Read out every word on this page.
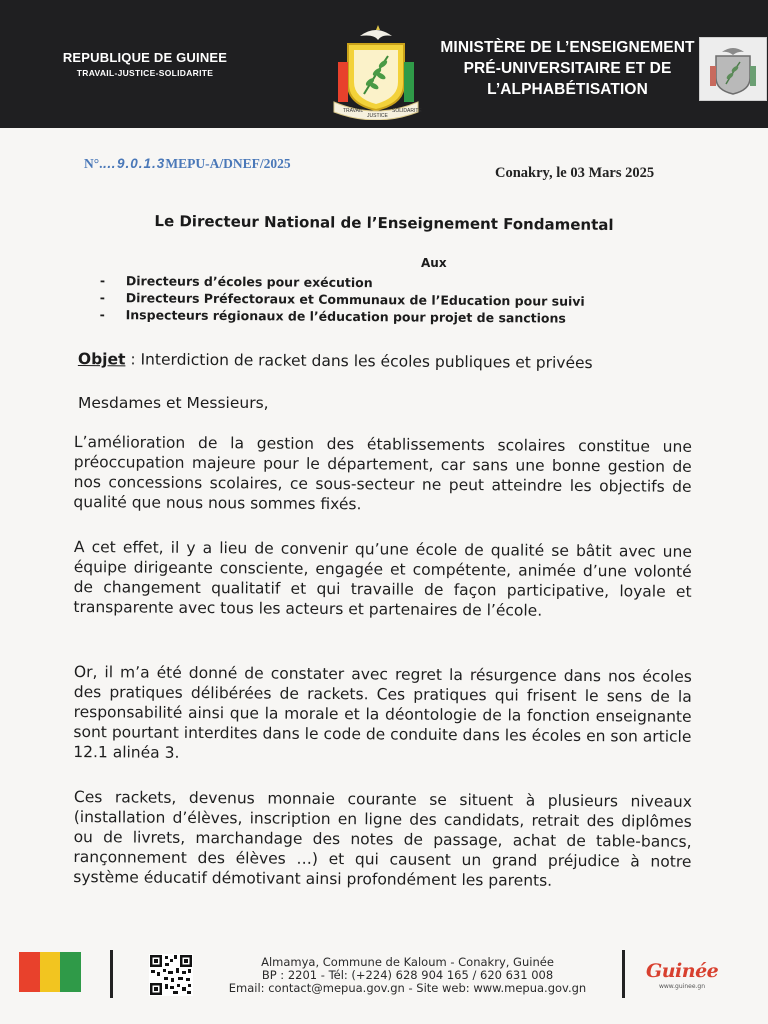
REPUBLIQUE DE GUINEE
TRAVAIL-JUSTICE-SOLIDARITE
TRAVAIL
JUSTICE
SOLIDARITE
MINISTÈRE DE L’ENSEIGNEMENT
PRÉ-UNIVERSITAIRE ET DE
L’ALPHABÉTISATION
N°.…9.0.1.3MEPU-A/DNEF/2025
Conakry, le 03 Mars 2025
Le Directeur National de l’Enseignement Fondamental
Aux
- Directeurs d’écoles pour exécution
- Directeurs Préfectoraux et Communaux de l’Education pour suivi
- Inspecteurs régionaux de l’éducation pour projet de sanctions
Objet : Interdiction de racket dans les écoles publiques et privées
Mesdames et Messieurs,

L’amélioration de la gestion des établissements scolaires constitue une préoccupation majeure pour le département, car sans une bonne gestion de nos concessions scolaires, ce sous-secteur ne peut atteindre les objectifs de qualité que nous nous sommes fixés.

A cet effet, il y a lieu de convenir qu’une école de qualité se bâtit avec une équipe dirigeante consciente, engagée et compétente, animée d’une volonté de changement qualitatif et qui travaille de façon participative, loyale et transparente avec tous les acteurs et partenaires de l’école.

Or, il m’a été donné de constater avec regret la résurgence dans nos écoles des pratiques délibérées de rackets. Ces pratiques qui frisent le sens de la responsabilité ainsi que la morale et la déontologie de la fonction enseignante sont pourtant interdites dans le code de conduite dans les écoles en son article 12.1 alinéa 3.

Ces rackets, devenus monnaie courante se situent à plusieurs niveaux (installation d’élèves, inscription en ligne des candidats, retrait des diplômes ou de livrets, marchandage des notes de passage, achat de table-bancs, rançonnement des élèves …) et qui causent un grand préjudice à notre système éducatif démotivant ainsi profondément les parents.

Almamya, Commune de Kaloum - Conakry, Guinée
BP : 2201 - Tél: (+224) 628 904 165 / 620 631 008
Email: contact@mepua.gov.gn - Site web: www.mepua.gov.gn
Guinée
www.guinee.gn
